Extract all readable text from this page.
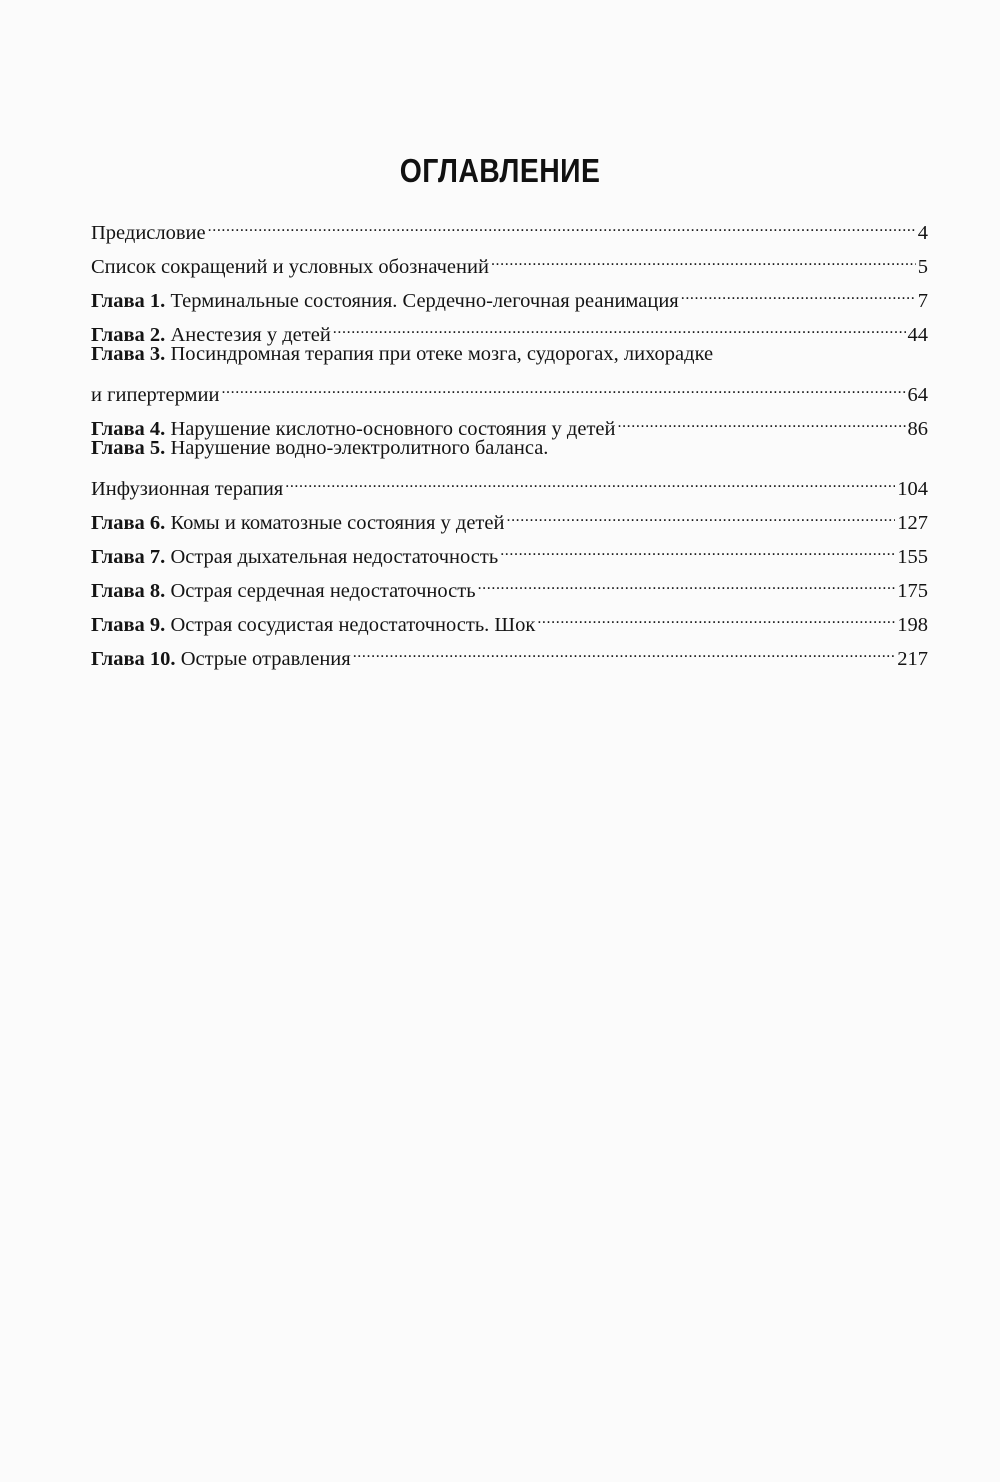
ОГЛАВЛЕНИЕ
Предисловие .....	4
Список сокращений и условных обозначений .....	5
Глава 1. Терминальные состояния. Сердечно-легочная реанимация .....	7
Глава 2. Анестезия у детей .....	44
Глава 3. Посиндромная терапия при отеке мозга, судорогах, лихорадке
и гипертермии .....	64
Глава 4. Нарушение кислотно-основного состояния у детей .....	86
Глава 5. Нарушение водно-электролитного баланса.
Инфузионная терапия .....	104
Глава 6. Комы и коматозные состояния у детей .....	127
Глава 7. Острая дыхательная недостаточность .....	155
Глава 8. Острая сердечная недостаточность .....	175
Глава 9. Острая сосудистая недостаточность. Шок .....	198
Глава 10. Острые отравления .....	217
